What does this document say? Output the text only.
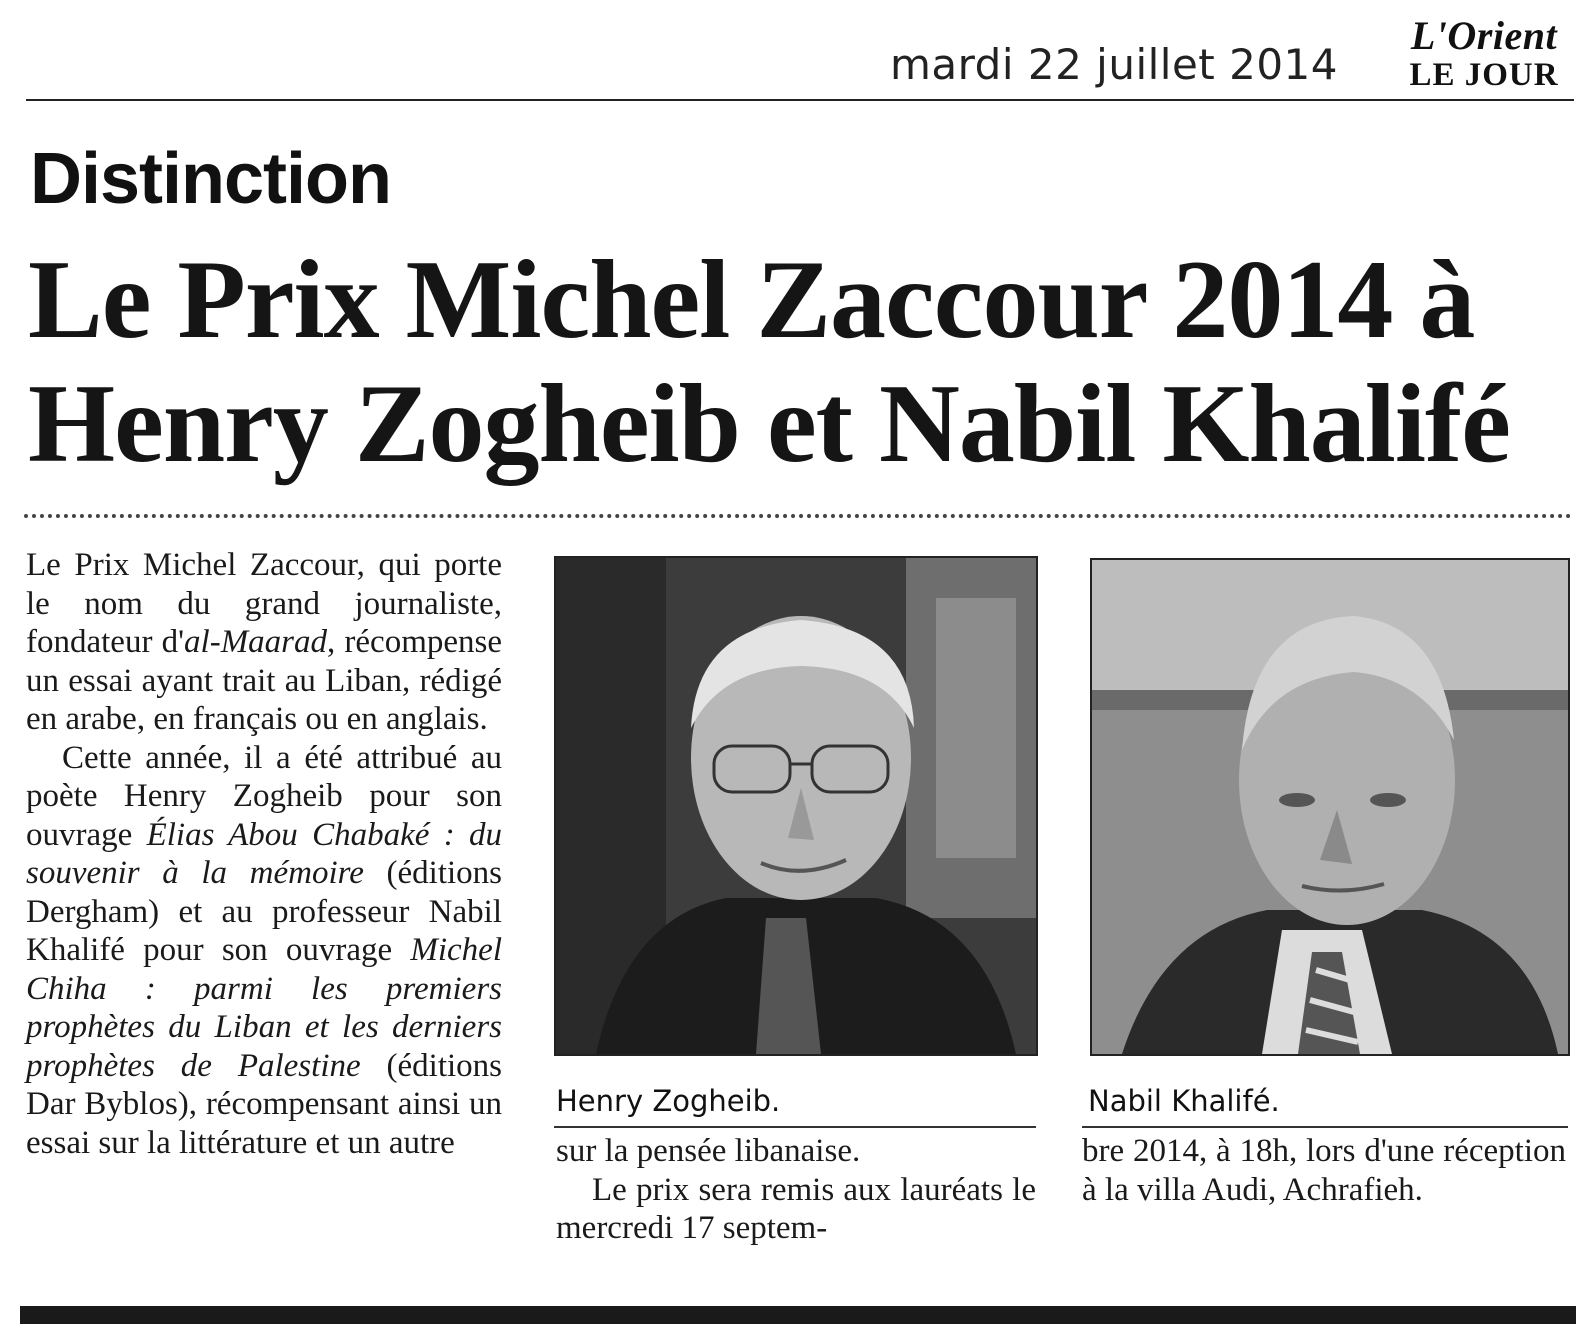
mardi 22 juillet 2014
L'Orient
LE JOUR
Distinction
Le Prix Michel Zaccour 2014 à
Henry Zogheib et Nabil Khalifé

Le Prix Michel Zaccour, qui porte le nom du grand journaliste, fondateur d'al-Maarad, récompense un essai ayant trait au Liban, rédigé en arabe, en français ou en anglais.

Cette année, il a été attribué au poète Henry Zogheib pour son ouvrage Élias Abou Chabaké : du souvenir à la mémoire (éditions Dergham) et au professeur Nabil Khalifé pour son ouvrage Michel Chiha : parmi les premiers prophètes du Liban et les derniers prophètes de Palestine (éditions Dar Byblos), récompensant ainsi un essai sur la littérature et un autre

Henry Zogheib.	Nabil Khalifé.

sur la pensée libanaise.

Le prix sera remis aux lauréats le mercredi 17 septem-

bre 2014, à 18h, lors d'une réception à la villa Audi, Achrafieh.
